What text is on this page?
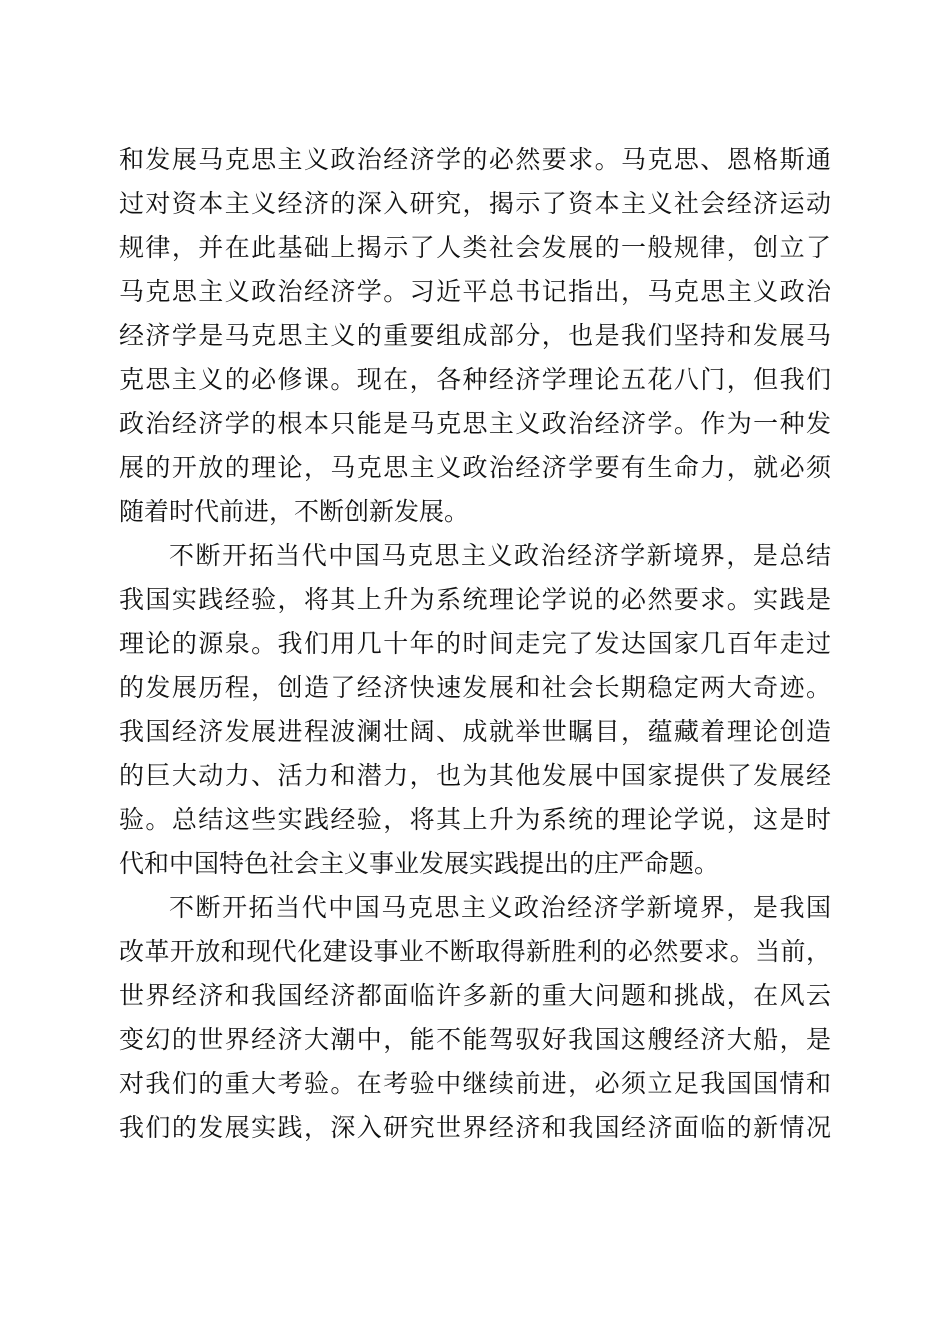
和发展马克思主义政治经济学的必然要求。马克思、恩格斯通
过对资本主义经济的深入研究，揭示了资本主义社会经济运动
规律，并在此基础上揭示了人类社会发展的一般规律，创立了
马克思主义政治经济学。习近平总书记指出，马克思主义政治
经济学是马克思主义的重要组成部分，也是我们坚持和发展马
克思主义的必修课。现在，各种经济学理论五花八门，但我们
政治经济学的根本只能是马克思主义政治经济学。作为一种发
展的开放的理论，马克思主义政治经济学要有生命力，就必须
随着时代前进，不断创新发展。
不断开拓当代中国马克思主义政治经济学新境界，是总结
我国实践经验，将其上升为系统理论学说的必然要求。实践是
理论的源泉。我们用几十年的时间走完了发达国家几百年走过
的发展历程，创造了经济快速发展和社会长期稳定两大奇迹。
我国经济发展进程波澜壮阔、成就举世瞩目，蕴藏着理论创造
的巨大动力、活力和潜力，也为其他发展中国家提供了发展经
验。总结这些实践经验，将其上升为系统的理论学说，这是时
代和中国特色社会主义事业发展实践提出的庄严命题。
不断开拓当代中国马克思主义政治经济学新境界，是我国
改革开放和现代化建设事业不断取得新胜利的必然要求。当前，
世界经济和我国经济都面临许多新的重大问题和挑战，在风云
变幻的世界经济大潮中，能不能驾驭好我国这艘经济大船，是
对我们的重大考验。在考验中继续前进，必须立足我国国情和
我们的发展实践，深入研究世界经济和我国经济面临的新情况
